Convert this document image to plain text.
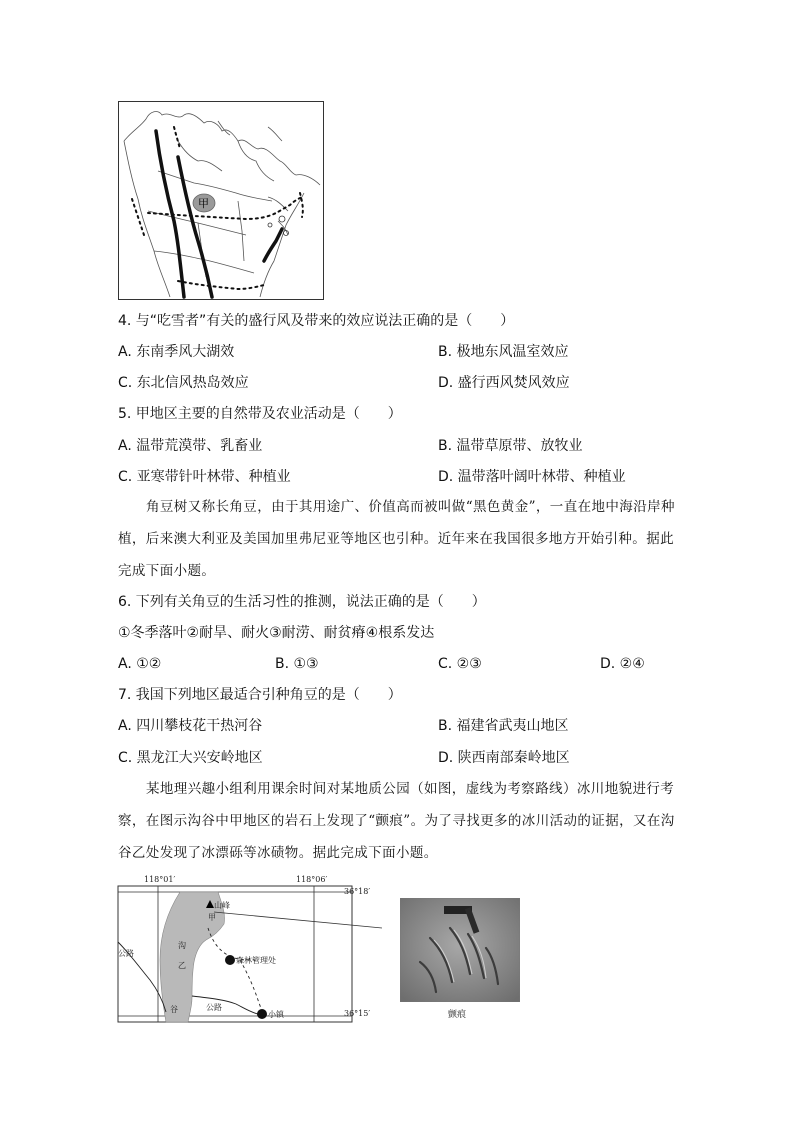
甲
4. 与“吃雪者”有关的盛行风及带来的效应说法正确的是（　　）
A. 东南季风大湖效	B. 极地东风温室效应
C. 东北信风热岛效应	D. 盛行西风焚风效应
5. 甲地区主要的自然带及农业活动是（　　）
A. 温带荒漠带、乳畜业	B. 温带草原带、放牧业
C. 亚寒带针叶林带、种植业	D. 温带落叶阔叶林带、种植业
角豆树又称长角豆，由于其用途广、价值高而被叫做“黑色黄金”，一直在地中海沿岸种
植，后来澳大利亚及美国加里弗尼亚等地区也引种。近年来在我国很多地方开始引种。据此
完成下面小题。
6. 下列有关角豆的生活习性的推测，说法正确的是（　　）
①冬季落叶②耐旱、耐火③耐涝、耐贫瘠④根系发达
A. ①②	B. ①③	C. ②③	D. ②④
7. 我国下列地区最适合引种角豆的是（　　）
A. 四川攀枝花干热河谷	B. 福建省武夷山地区
C. 黑龙江大兴安岭地区	D. 陕西南部秦岭地区
某地理兴趣小组利用课余时间对某地质公园（如图，虚线为考察路线）冰川地貌进行考
察，在图示沟谷中甲地区的岩石上发现了“颤痕”。为了寻找更多的冰川活动的证据，又在沟
谷乙处发现了冰漂砾等冰碛物。据此完成下面小题。
山峰
甲
沟
乙
谷
公路
公路
森林管理处
小镇
118°01′	118°06′
36°18′
36°15′	颤痕
